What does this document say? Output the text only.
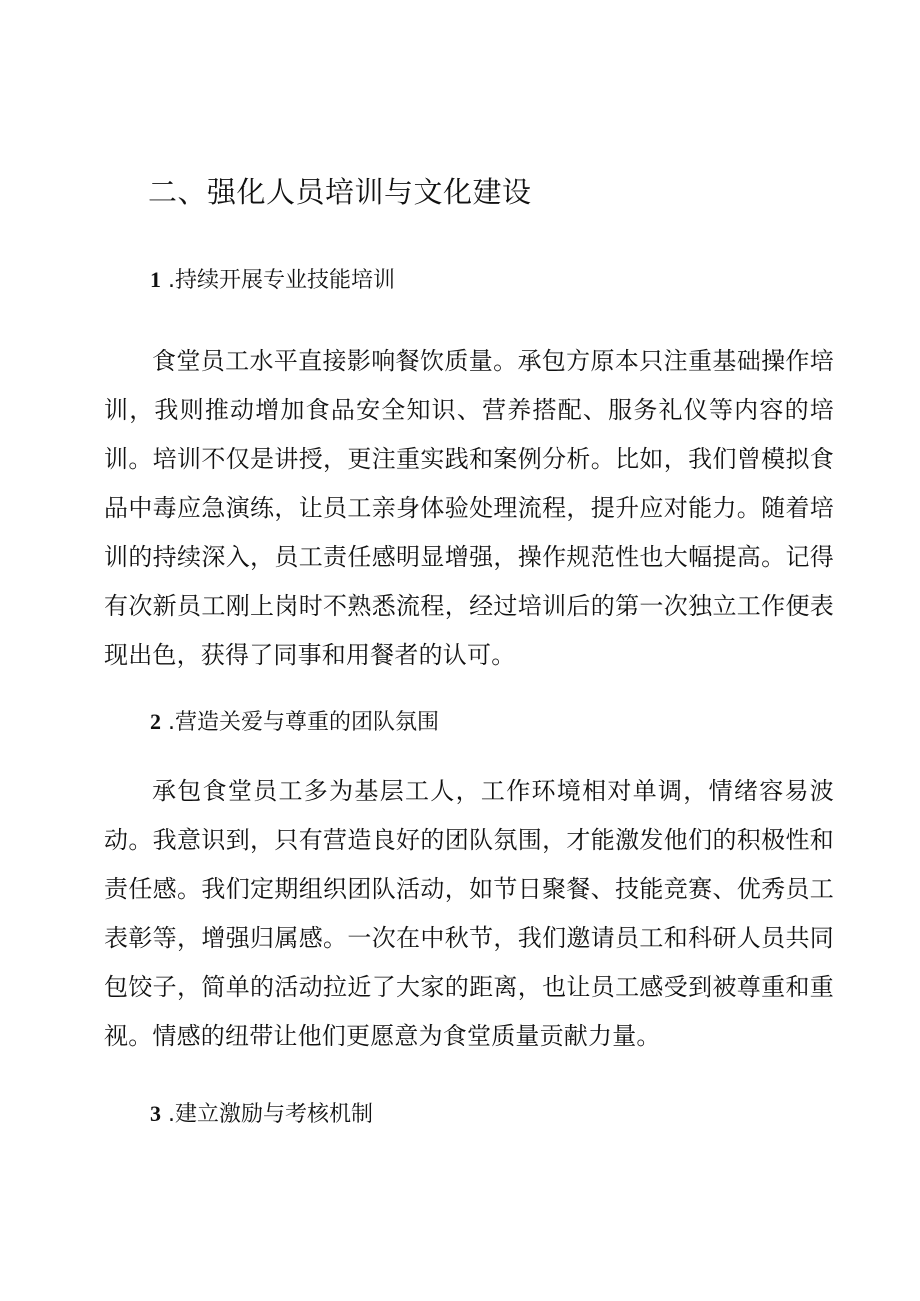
二、强化人员培训与文化建设
1 .持续开展专业技能培训

食堂员工水平直接影响餐饮质量。承包方原本只注重基础操作培训，我则推动增加食品安全知识、营养搭配、服务礼仪等内容的培训。培训不仅是讲授，更注重实践和案例分析。比如，我们曾模拟食品中毒应急演练，让员工亲身体验处理流程，提升应对能力。随着培训的持续深入，员工责任感明显增强，操作规范性也大幅提高。记得有次新员工刚上岗时不熟悉流程，经过培训后的第一次独立工作便表现出色，获得了同事和用餐者的认可。

2 .营造关爱与尊重的团队氛围

承包食堂员工多为基层工人，工作环境相对单调，情绪容易波动。我意识到，只有营造良好的团队氛围，才能激发他们的积极性和责任感。我们定期组织团队活动，如节日聚餐、技能竞赛、优秀员工表彰等，增强归属感。一次在中秋节，我们邀请员工和科研人员共同包饺子，简单的活动拉近了大家的距离，也让员工感受到被尊重和重视。情感的纽带让他们更愿意为食堂质量贡献力量。

3 .建立激励与考核机制
